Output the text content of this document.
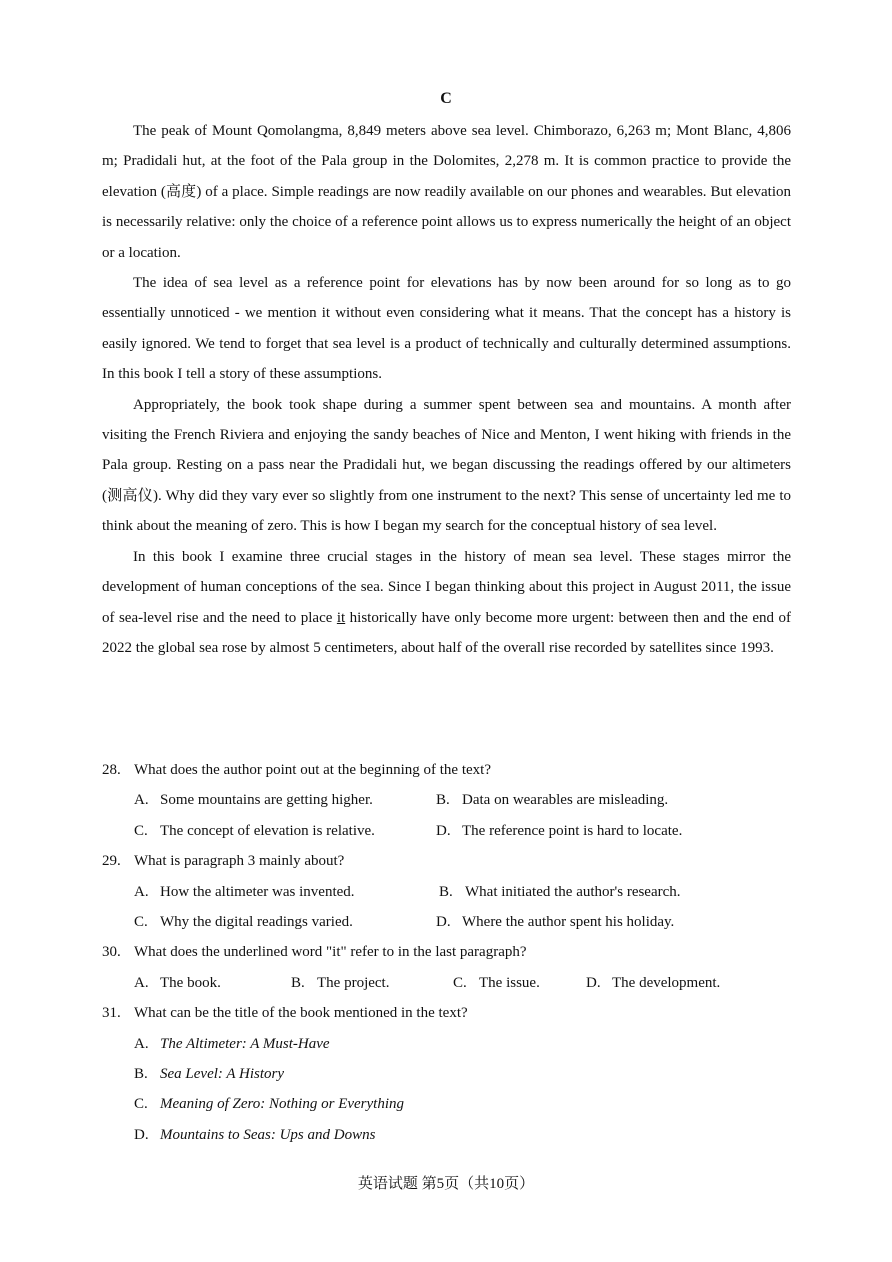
C

The peak of Mount Qomolangma, 8,849 meters above sea level. Chimborazo, 6,263 m; Mont Blanc, 4,806 m; Pradidali hut, at the foot of the Pala group in the Dolomites, 2,278 m. It is common practice to provide the elevation (高度) of a place. Simple readings are now readily available on our phones and wearables. But elevation is necessarily relative: only the choice of a reference point allows us to express numerically the height of an object or a location.

The idea of sea level as a reference point for elevations has by now been around for so long as to go essentially unnoticed - we mention it without even considering what it means. That the concept has a history is easily ignored. We tend to forget that sea level is a product of technically and culturally determined assumptions. In this book I tell a story of these assumptions.

Appropriately, the book took shape during a summer spent between sea and mountains. A month after visiting the French Riviera and enjoying the sandy beaches of Nice and Menton, I went hiking with friends in the Pala group. Resting on a pass near the Pradidali hut, we began discussing the readings offered by our altimeters (测高仪). Why did they vary ever so slightly from one instrument to the next? This sense of uncertainty led me to think about the meaning of zero. This is how I began my search for the conceptual history of sea level.

In this book I examine three crucial stages in the history of mean sea level. These stages mirror the development of human conceptions of the sea. Since I began thinking about this project in August 2011, the issue of sea-level rise and the need to place it historically have only become more urgent: between then and the end of 2022 the global sea rose by almost 5 centimeters, about half of the overall rise recorded by satellites since 1993.

28. What does the author point out at the beginning of the text?
A. Some mountains are getting higher.	B. Data on wearables are misleading.
C. The concept of elevation is relative.	D. The reference point is hard to locate.
29. What is paragraph 3 mainly about?
A. How the altimeter was invented.	B. What initiated the author's research.
C. Why the digital readings varied.	D. Where the author spent his holiday.
30. What does the underlined word "it" refer to in the last paragraph?
A. The book.	B. The project.	C. The issue.	D. The development.
31. What can be the title of the book mentioned in the text?
A. The Altimeter: A Must-Have
B. Sea Level: A History
C. Meaning of Zero: Nothing or Everything
D. Mountains to Seas: Ups and Downs
英语试题 第5页（共10页）
